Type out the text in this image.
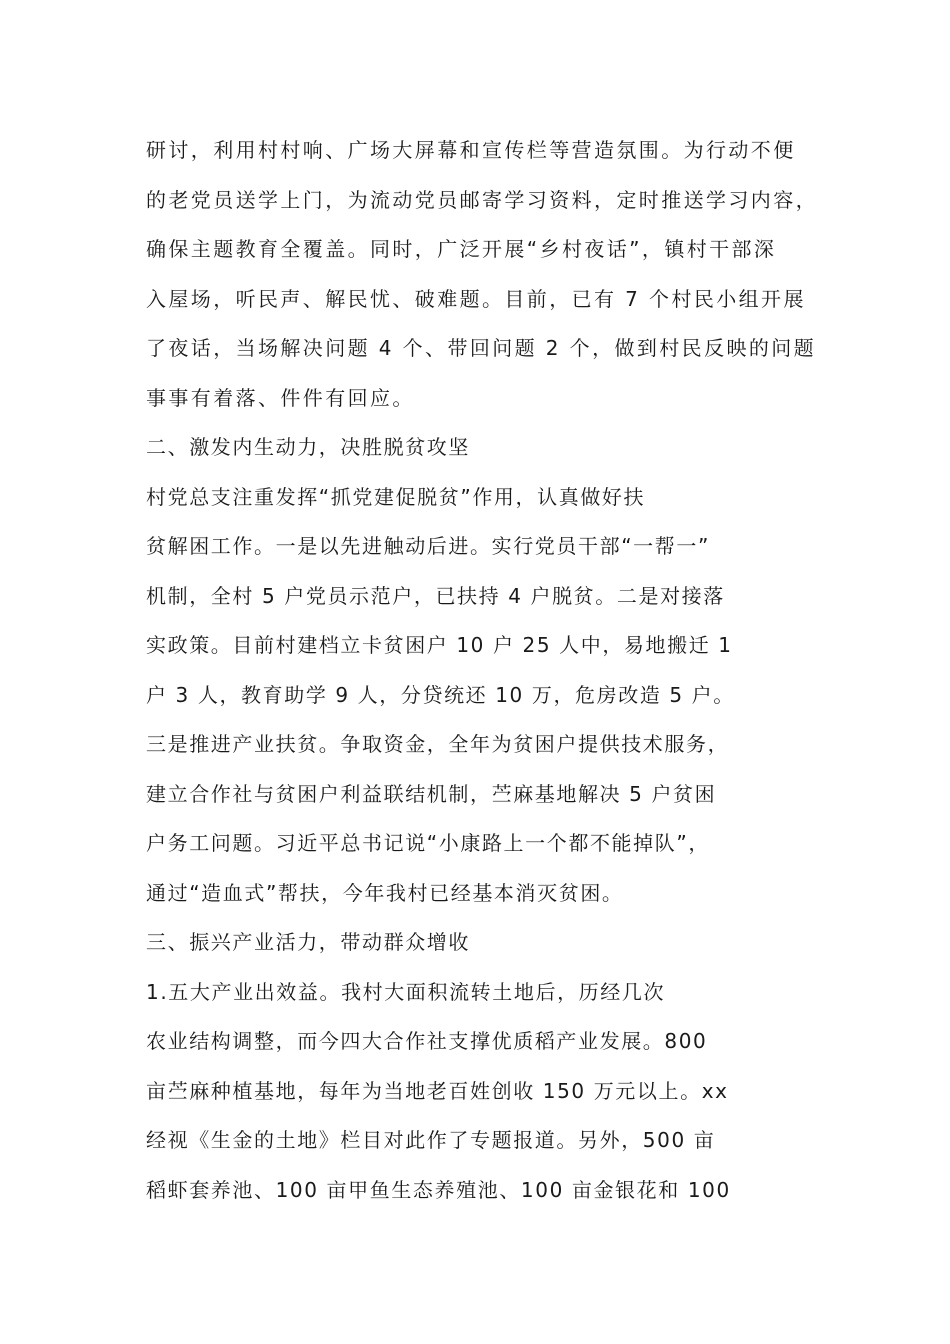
研讨，利用村村响、广场大屏幕和宣传栏等营造氛围。为行动不便
的老党员送学上门，为流动党员邮寄学习资料，定时推送学习内容，
确保主题教育全覆盖。同时，广泛开展“乡村夜话”，镇村干部深
入屋场，听民声、解民忧、破难题。目前，已有 7 个村民小组开展
了夜话，当场解决问题 4 个、带回问题 2 个，做到村民反映的问题
事事有着落、件件有回应。
二、激发内生动力，决胜脱贫攻坚
村党总支注重发挥“抓党建促脱贫”作用，认真做好扶
贫解困工作。一是以先进触动后进。实行党员干部“一帮一”
机制，全村 5 户党员示范户，已扶持 4 户脱贫。二是对接落
实政策。目前村建档立卡贫困户 10 户 25 人中，易地搬迁 1
户 3 人，教育助学 9 人，分贷统还 10 万，危房改造 5 户。
三是推进产业扶贫。争取资金，全年为贫困户提供技术服务，
建立合作社与贫困户利益联结机制，苎麻基地解决 5 户贫困
户务工问题。习近平总书记说“小康路上一个都不能掉队”，
通过“造血式”帮扶，今年我村已经基本消灭贫困。
三、振兴产业活力，带动群众增收
1.五大产业出效益。我村大面积流转土地后，历经几次
农业结构调整，而今四大合作社支撑优质稻产业发展。800
亩苎麻种植基地，每年为当地老百姓创收 150 万元以上。xx
经视《生金的土地》栏目对此作了专题报道。另外，500 亩
稻虾套养池、100 亩甲鱼生态养殖池、100 亩金银花和 100
